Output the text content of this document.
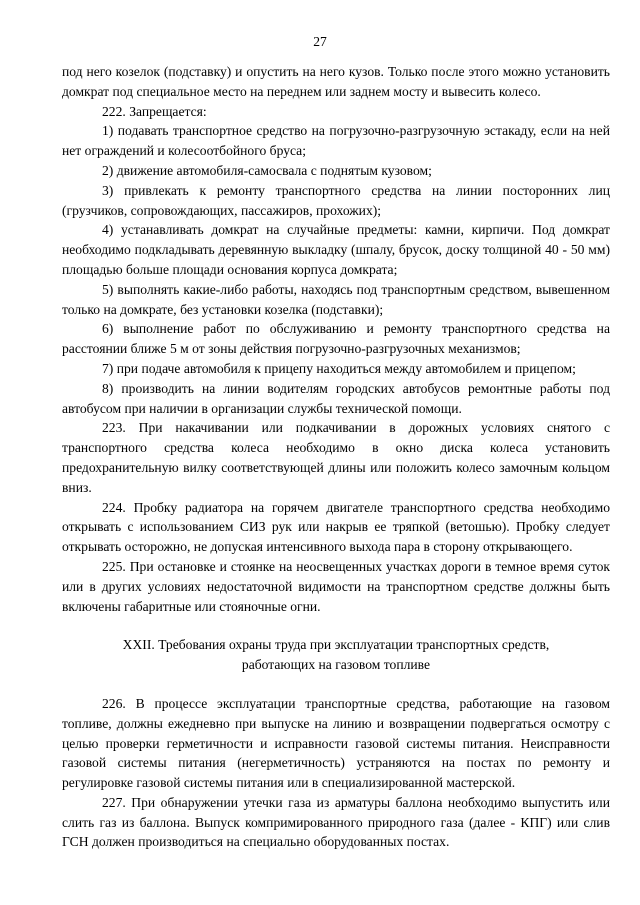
27

под него козелок (подставку) и опустить на него кузов. Только после этого можно установить домкрат под специальное место на переднем или заднем мосту и вывесить колесо.

222. Запрещается:

1) подавать транспортное средство на погрузочно-разгрузочную эстакаду, если на ней нет ограждений и колесоотбойного бруса;

2) движение автомобиля-самосвала с поднятым кузовом;

3) привлекать к ремонту транспортного средства на линии посторонних лиц (грузчиков, сопровождающих, пассажиров, прохожих);

4) устанавливать домкрат на случайные предметы: камни, кирпичи. Под домкрат необходимо подкладывать деревянную выкладку (шпалу, брусок, доску толщиной 40 - 50 мм) площадью больше площади основания корпуса домкрата;

5) выполнять какие-либо работы, находясь под транспортным средством, вывешенном только на домкрате, без установки козелка (подставки);

6) выполнение работ по обслуживанию и ремонту транспортного средства на расстоянии ближе 5 м от зоны действия погрузочно-разгрузочных механизмов;

7) при подаче автомобиля к прицепу находиться между автомобилем и прицепом;

8) производить на линии водителям городских автобусов ремонтные работы под автобусом при наличии в организации службы технической помощи.

223. При накачивании или подкачивании в дорожных условиях снятого с транспортного средства колеса необходимо в окно диска колеса установить предохранительную вилку соответствующей длины или положить колесо замочным кольцом вниз.

224. Пробку радиатора на горячем двигателе транспортного средства необходимо открывать с использованием СИЗ рук или накрыв ее тряпкой (ветошью). Пробку следует открывать осторожно, не допуская интенсивного выхода пара в сторону открывающего.

225. При остановке и стоянке на неосвещенных участках дороги в темное время суток или в других условиях недостаточной видимости на транспортном средстве должны быть включены габаритные или стояночные огни.

XXII. Требования охраны труда при эксплуатации транспортных средств, работающих на газовом топливе

226. В процессе эксплуатации транспортные средства, работающие на газовом топливе, должны ежедневно при выпуске на линию и возвращении подвергаться осмотру с целью проверки герметичности и исправности газовой системы питания. Неисправности газовой системы питания (негерметичность) устраняются на постах по ремонту и регулировке газовой системы питания или в специализированной мастерской.

227. При обнаружении утечки газа из арматуры баллона необходимо выпустить или слить газ из баллона. Выпуск компримированного природного газа (далее - КПГ) или слив ГСН должен производиться на специально оборудованных постах.
